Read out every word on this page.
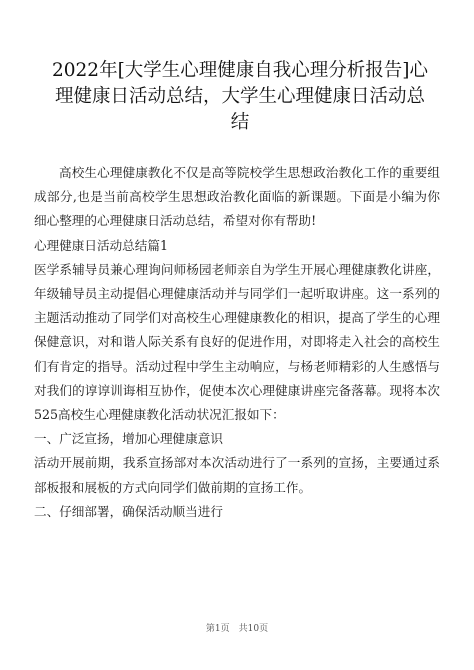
2022年[大学生心理健康自我心理分析报告]心理健康日活动总结，大学生心理健康日活动总结

高校生心理健康教化不仅是高等院校学生思想政治教化工作的重要组成部分,也是当前高校学生思想政治教化面临的新课题。下面是小编为你细心整理的心理健康日活动总结，希望对你有帮助!

心理健康日活动总结篇1

医学系辅导员兼心理询问师杨园老师亲自为学生开展心理健康教化讲座，年级辅导员主动提倡心理健康活动并与同学们一起听取讲座。这一系列的主题活动推动了同学们对高校生心理健康教化的相识，提高了学生的心理保健意识，对和谐人际关系有良好的促进作用，对即将走入社会的高校生们有肯定的指导。活动过程中学生主动响应，与杨老师精彩的人生感悟与对我们的谆谆训诲相互协作，促使本次心理健康讲座完备落幕。现将本次525高校生心理健康教化活动状况汇报如下：

一、广泛宣扬，增加心理健康意识

活动开展前期，我系宣扬部对本次活动进行了一系列的宣扬，主要通过系部板报和展板的方式向同学们做前期的宣扬工作。

二、仔细部署，确保活动顺当进行

第1页　共10页
